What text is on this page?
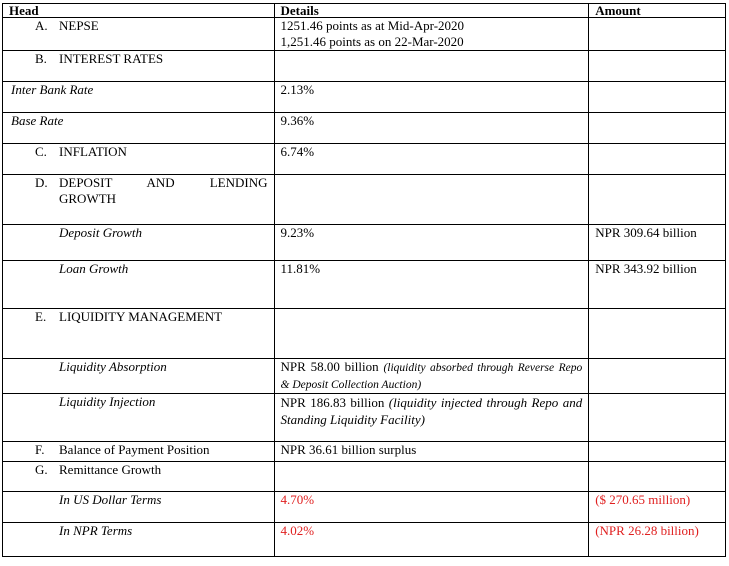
Head	Details	Amount
A. NEPSE	1251.46 points as at Mid-Apr-2020
1,251.46 points as on 22-Mar-2020	

B. INTEREST RATES		
Inter Bank Rate	2.13%	
Base Rate	9.36%	
C. INFLATION	6.74%	

D. DEPOSIT AND LENDING
GROWTH		

Deposit Growth	9.23%	NPR 309.64 billion
Loan Growth	11.81%	NPR 343.92 billion
E. LIQUIDITY MANAGEMENT		
Liquidity Absorption	NPR 58.00 billion (liquidity absorbed through Reverse Repo & Deposit Collection Auction)	
Liquidity Injection	NPR 186.83 billion (liquidity injected through Repo and Standing Liquidity Facility)	
F. Balance of Payment Position	NPR 36.61 billion surplus	
G. Remittance Growth		
In US Dollar Terms	4.70%	($ 270.65 million)
In NPR Terms	4.02%	(NPR 26.28 billion)
